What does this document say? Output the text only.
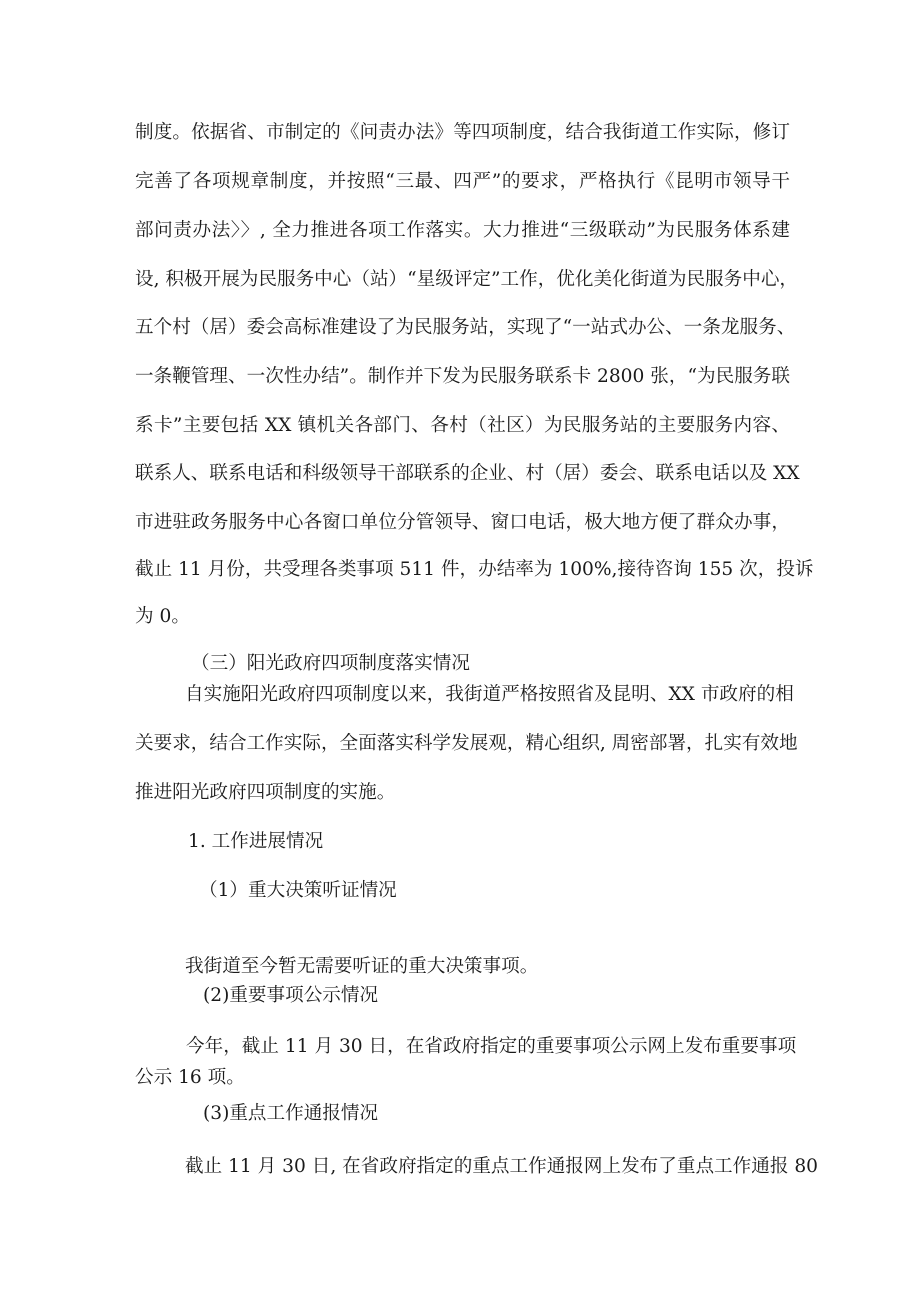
制度。依据省、市制定的《问责办法》等四项制度，结合我街道工作实际，修订
完善了各项规章制度，并按照“三最、四严”的要求，严格执行《昆明市领导干
部问责办法〉〉, 全力推进各项工作落实。大力推进“三级联动”为民服务体系建
设, 积极开展为民服务中心（站）“星级评定”工作，优化美化街道为民服务中心，
五个村（居）委会高标准建设了为民服务站，实现了“一站式办公、一条龙服务、
一条鞭管理、一次性办结”。制作并下发为民服务联系卡 2800 张，“为民服务联
系卡”主要包括 XX 镇机关各部门、各村（社区）为民服务站的主要服务内容、
联系人、联系电话和科级领导干部联系的企业、村（居）委会、联系电话以及 XX
市进驻政务服务中心各窗口单位分管领导、窗口电话，极大地方便了群众办事，
截止 11 月份，共受理各类事项 511 件，办结率为 100%,接待咨询 155 次，投诉
为 0。
（三）阳光政府四项制度落实情况
自实施阳光政府四项制度以来，我街道严格按照省及昆明、XX 市政府的相
关要求，结合工作实际，全面落实科学发展观，精心组织, 周密部署，扎实有效地
推进阳光政府四项制度的实施。
1. 工作进展情况
（1）重大决策听证情况
我街道至今暂无需要听证的重大决策事项。
(2)重要事项公示情况
今年，截止 11 月 30 日，在省政府指定的重要事项公示网上发布重要事项
公示 16 项。
(3)重点工作通报情况
截止 11 月 30 日, 在省政府指定的重点工作通报网上发布了重点工作通报 80
